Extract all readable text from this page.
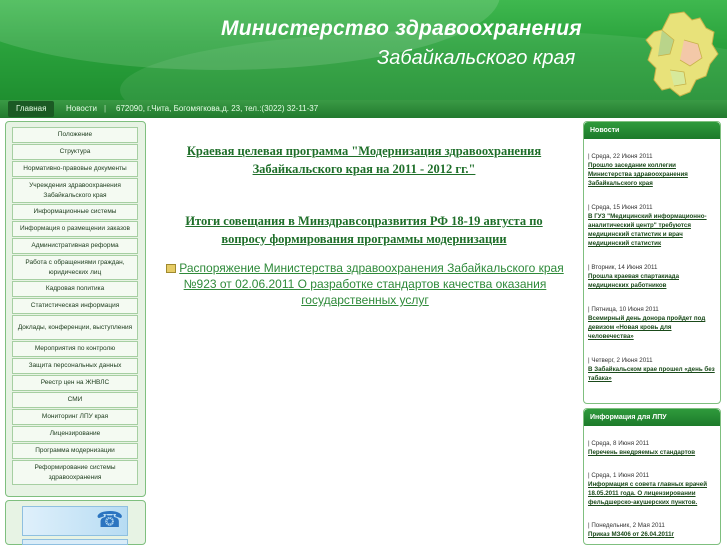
Министерство здравоохранения
Забайкальского края
Главная	Новости | 672090, г.Чита, Богомягкова,д. 23, тел.:(3022) 32-11-37
Положение
Структура
Нормативно-правовые документы
Учреждения здравоохранения Забайкальского края
Информационные системы
Информация о размещении заказов
Административная реформа
Работа с обращениями граждан, юридических лиц
Кадровая политика
Статистическая информация
Доклады, конференции, выступления
Мероприятия по контролю
Защита персональных данных
Реестр цен на ЖНВЛС
СМИ
Мониторинг ЛПУ края
Лицензирование
Программа модернизации
Реформирование системы здравоохранения
☎
Краевая целевая программа "Модернизация здравоохранения Забайкальского края на 2011 - 2012 гг."
Итоги совещания в Минздравсоцразвития РФ 18-19 августа по вопросу формирования программы модернизации
Распоряжение Министерства здравоохранения Забайкальского края №923 от 02.06.2011 О разработке стандартов качества оказания государственных услуг
Новости
| Среда, 22 Июня 2011
Прошло заседание коллегии Министерства здравоохранения Забайкальского края
| Среда, 15 Июня 2011
В ГУЗ "Медицинский информационно-аналитический центр" требуются медицинский статистик и врач медицинский статистик
| Вторник, 14 Июня 2011
Прошла краевая спартакиада медицинских работников
| Пятница, 10 Июня 2011
Всемирный день донора пройдет под девизом «Новая кровь для человечества»
| Четверг, 2 Июня 2011
В Забайкальском крае прошел «день без табака»
Информация для ЛПУ
| Среда, 8 Июня 2011
Перечень внедряемых стандартов
| Среда, 1 Июня 2011
Информация с совета главных врачей 18.05.2011 года. О лицензировании фельдшерско-акушерских пунктов.
| Понедельник, 2 Мая 2011
Приказ МЗ406 от 26.04.2011г
